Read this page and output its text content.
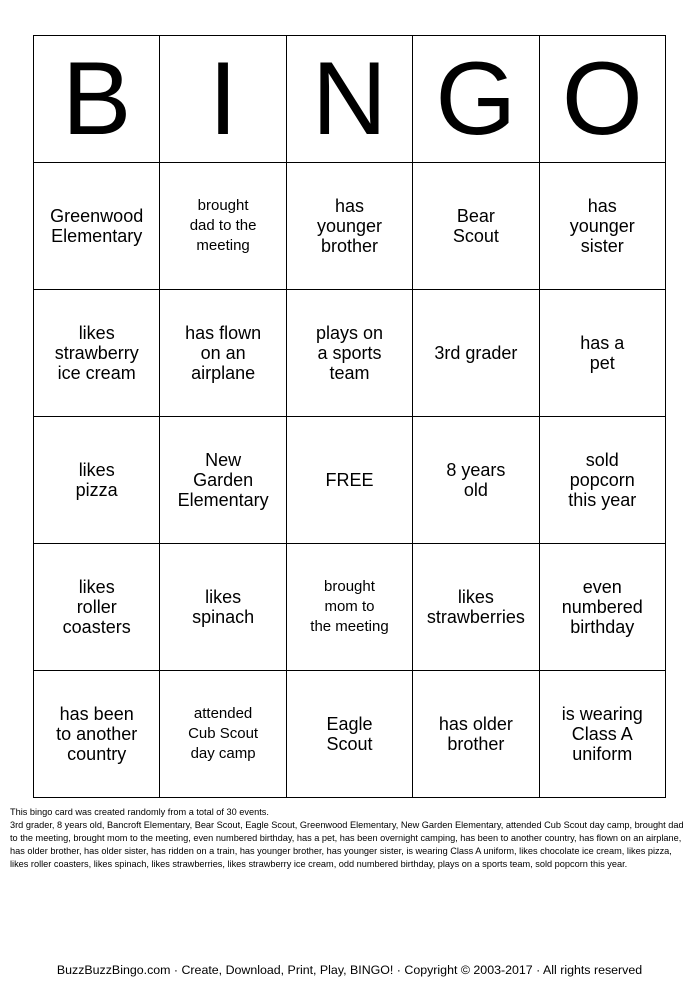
B	I	N	G	O

Greenwood
Elementary	brought
dad to the
meeting	has
younger
brother	Bear
Scout	has
younger
sister

likes
strawberry
ice cream	has flown
on an
airplane	plays on
a sports
team	3rd grader	has a
pet

likes
pizza	New
Garden
Elementary	FREE	8 years
old	sold
popcorn
this year

likes
roller
coasters	likes
spinach	brought
mom to
the meeting	likes
strawberries	even
numbered
birthday

has been
to another
country	attended
Cub Scout
day camp	Eagle
Scout	has older
brother	is wearing
Class A
uniform

This bingo card was created randomly from a total of 30 events.

3rd grader, 8 years old, Bancroft Elementary, Bear Scout, Eagle Scout, Greenwood Elementary, New Garden Elementary, attended Cub Scout day camp, brought dad to the meeting, brought mom to the meeting, even numbered birthday, has a pet, has been overnight camping, has been to another country, has flown on an airplane, has older brother, has older sister, has ridden on a train, has younger brother, has younger sister, is wearing Class A uniform, likes chocolate ice cream, likes pizza, likes roller coasters, likes spinach, likes strawberries, likes strawberry ice cream, odd numbered birthday, plays on a sports team, sold popcorn this year.

BuzzBuzzBingo.com · Create, Download, Print, Play, BINGO! · Copyright © 2003-2017 · All rights reserved
